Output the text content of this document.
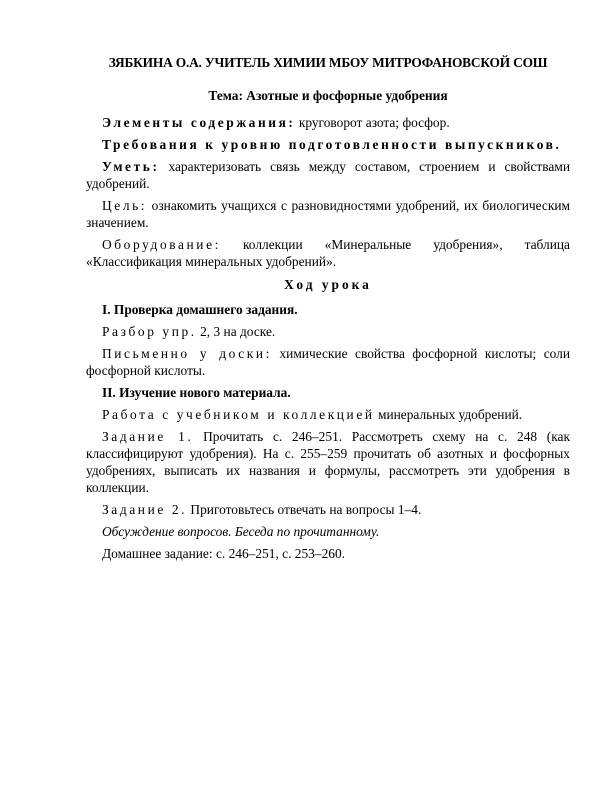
ЗЯБКИНА О.А. УЧИТЕЛЬ ХИМИИ МБОУ МИТРОФАНОВСКОЙ СОШ
Тема: Азотные и фосфорные удобрения

Элементы содержания: круговорот азота; фосфор.

Требования к уровню подготовленности выпускников.

Уметь: характеризовать связь между составом, строением и свойствами удобрений.

Цель: ознакомить учащихся с разновидностями удобрений, их биологическим значением.

Оборудование: коллекции «Минеральные удобрения», таблица «Классификация минеральных удобрений».

Ход урока

I. Проверка домашнего задания.

Разбор упр. 2, 3 на доске.

Письменно у доски: химические свойства фосфорной кислоты; соли фосфорной кислоты.

II. Изучение нового материала.

Работа с учебником и коллекцией минеральных удобрений.

Задание 1. Прочитать с. 246–251. Рассмотреть схему на с. 248 (как классифицируют удобрения). На с. 255–259 прочитать об азотных и фосфорных удобрениях, выписать их названия и формулы, рассмотреть эти удобрения в коллекции.

Задание 2. Приготовьтесь отвечать на вопросы 1–4.

Обсуждение вопросов. Беседа по прочитанному.

Домашнее задание: с. 246–251, с. 253–260.
